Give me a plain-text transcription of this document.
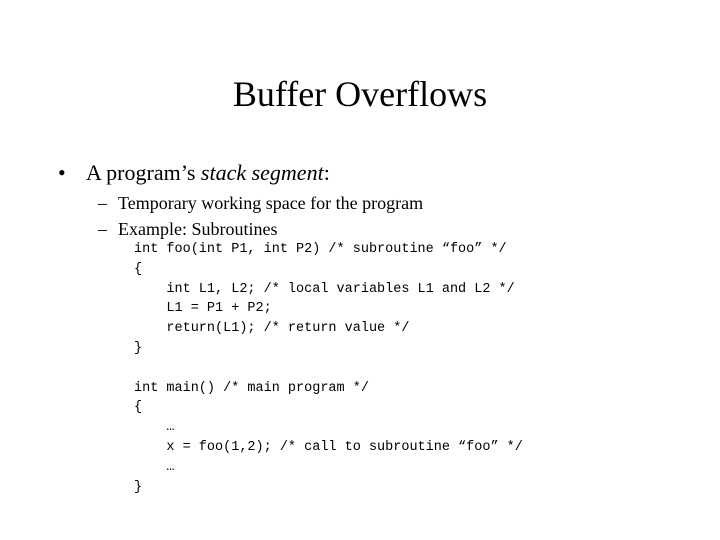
Buffer Overflows
• A program’s stack segment:
– Temporary working space for the program
– Example: Subroutines
int foo(int P1, int P2) /* subroutine “foo” */
{
int L1, L2; /* local variables L1 and L2 */
L1 = P1 + P2;
return(L1); /* return value */
}
int main() /* main program */
{
…
x = foo(1,2); /* call to subroutine “foo” */
…
}
